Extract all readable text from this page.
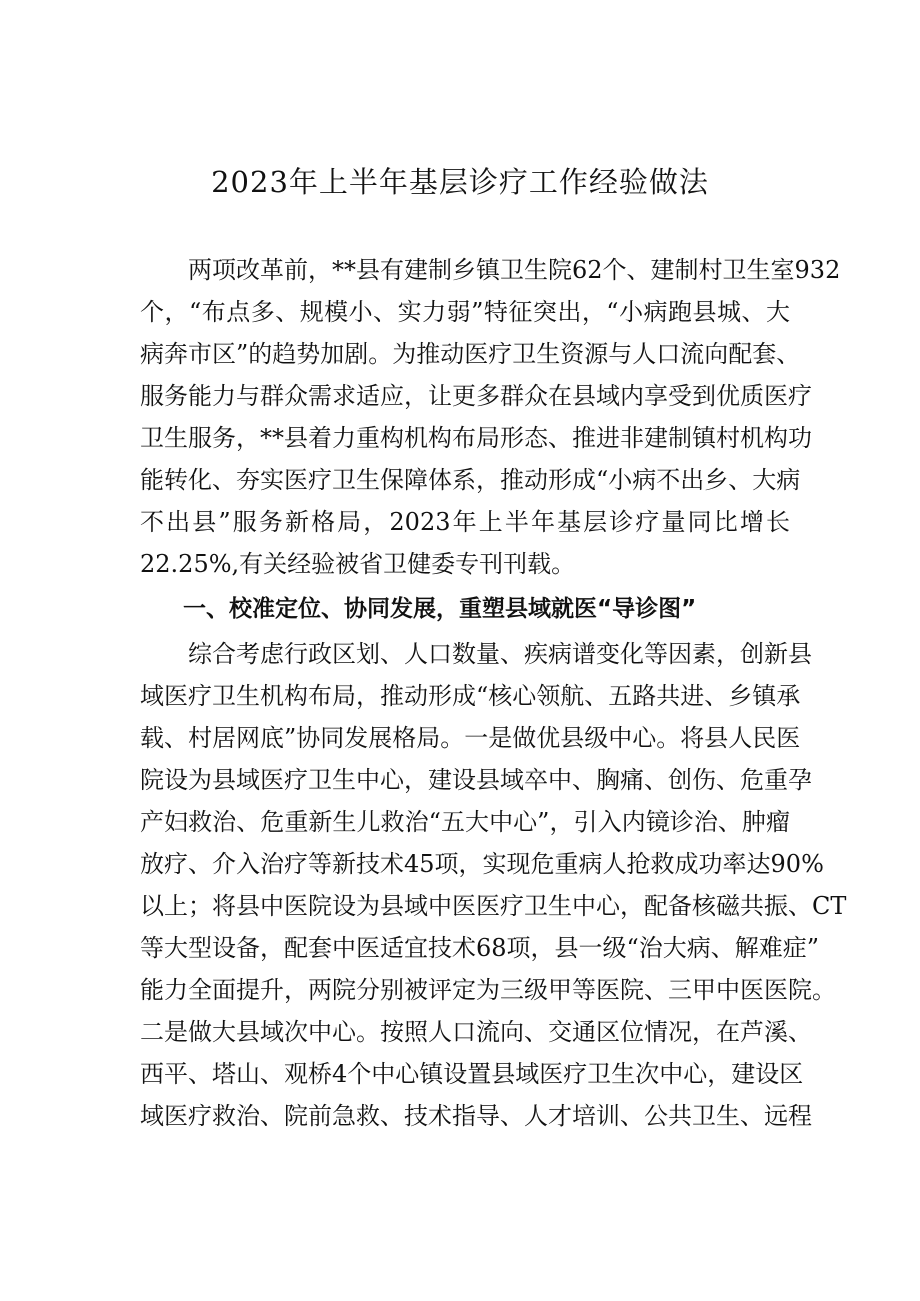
2023年上半年基层诊疗工作经验做法
两项改革前，**县有建制乡镇卫生院62个、建制村卫生室932
个，“布点多、规模小、实力弱”特征突出，“小病跑县城、大
病奔市区”的趋势加剧。为推动医疗卫生资源与人口流向配套、
服务能力与群众需求适应，让更多群众在县域内享受到优质医疗
卫生服务，**县着力重构机构布局形态、推进非建制镇村机构功
能转化、夯实医疗卫生保障体系，推动形成“小病不出乡、大病
不出县”服务新格局，2023年上半年基层诊疗量同比增长
22.25%,有关经验被省卫健委专刊刊载。
一、校准定位、协同发展，重塑县域就医“导诊图”
综合考虑行政区划、人口数量、疾病谱变化等因素，创新县
域医疗卫生机构布局，推动形成“核心领航、五路共进、乡镇承
载、村居网底”协同发展格局。一是做优县级中心。将县人民医
院设为县域医疗卫生中心，建设县域卒中、胸痛、创伤、危重孕
产妇救治、危重新生儿救治“五大中心”，引入内镜诊治、肿瘤
放疗、介入治疗等新技术45项，实现危重病人抢救成功率达90%
以上；将县中医院设为县域中医医疗卫生中心，配备核磁共振、CT
等大型设备，配套中医适宜技术68项，县一级“治大病、解难症”
能力全面提升，两院分别被评定为三级甲等医院、三甲中医医院。
二是做大县域次中心。按照人口流向、交通区位情况，在芦溪、
西平、塔山、观桥4个中心镇设置县域医疗卫生次中心，建设区
域医疗救治、院前急救、技术指导、人才培训、公共卫生、远程
